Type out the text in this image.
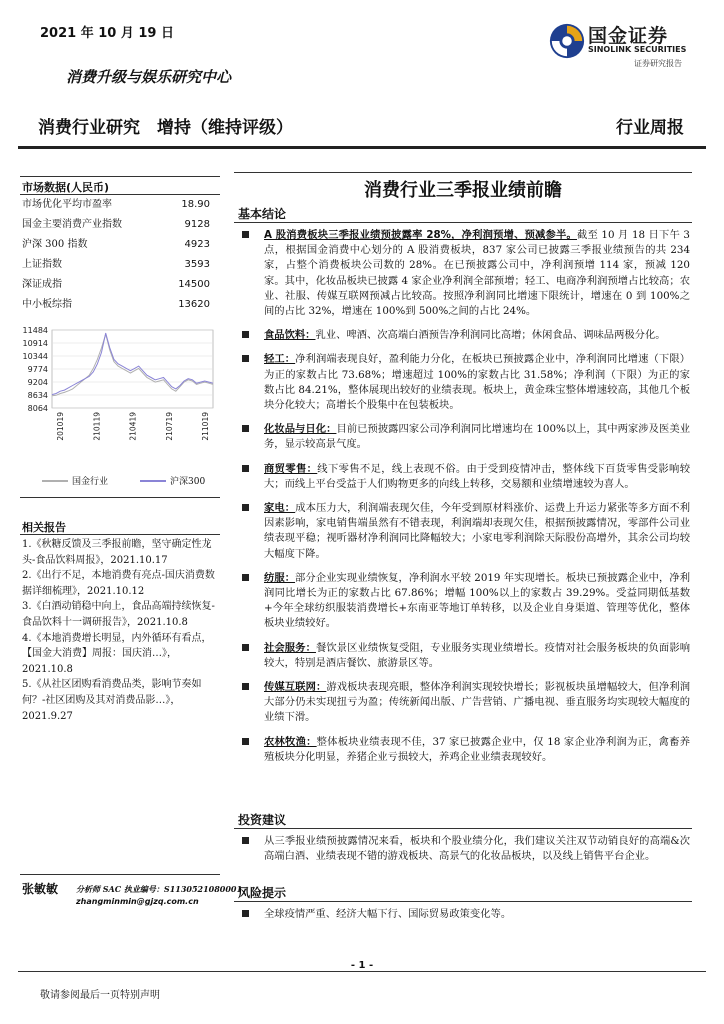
2021 年 10 月 19 日	国金证券
SINOLINK SECURITIES
证券研究报告
消费升级与娱乐研究中心
消费行业研究　增持（维持评级）	行业周报
市场数据(人民币)
市场优化平均市盈率	18.90
国金主要消费产业指数	9128
沪深 300 指数	4923
上证指数	3593
深证成指	14500
中小板综指	13620
8064
8634
9204
9774
10344
10914
11484
201019	210119	210419	210719	211019
国金行业	沪深300
相关报告
1.《秋糖反馈及三季报前瞻，坚守确定性龙头-食品饮料周报》，2021.10.17
2.《出行不足，本地消费有亮点-国庆消费数据详细梳理》，2021.10.12
3.《白酒动销稳中向上，食品高端持续恢复-食品饮料十一调研报告》，2021.10.8
4.《本地消费增长明显，内外循环有看点，【国金大消费】周报：国庆消…》，2021.10.8
5.《从社区团购看消费品类，影响节奏如何？-社区团购及其对消费品影…》，2021.9.27
张敏敏 分析师 SAC 执业编号：S1130521080001
zhangminmin@gjzq.com.cn
消费行业三季报业绩前瞻
基本结论
A 股消费板块三季报业绩预披露率 28%，净利润预增、预减参半。截至 10 月 18 日下午 3 点，根据国金消费中心划分的 A 股消费板块，837 家公司已披露三季报业绩预告的共 234 家，占整个消费板块公司数的 28%。在已预披露公司中，净利润预增 114 家，预减 120 家。其中，化妆品板块已披露 4 家企业净利润全部预增；轻工、电商净利润预增占比较高；农业、社服、传媒互联网预减占比较高。按照净利润同比增速下限统计，增速在 0 到 100%之间的占比 32%，增速在 100%到 500%之间的占比 24%。
食品饮料：乳业、啤酒、次高端白酒预告净利润同比高增；休闲食品、调味品两极分化。
轻工：净利润端表现良好，盈利能力分化，在板块已预披露企业中，净利润同比增速（下限）为正的家数占比 73.68%；增速超过 100%的家数占比 31.58%；净利润（下限）为正的家数占比 84.21%，整体展现出较好的业绩表现。板块上，黄金珠宝整体增速较高，其他几个板块分化较大；高增长个股集中在包装板块。
化妆品与日化：目前已预披露四家公司净利润同比增速均在 100%以上，其中两家涉及医美业务，显示较高景气度。
商贸零售：线下零售不足，线上表现不俗。由于受到疫情冲击，整体线下百货零售受影响较大；而线上平台受益于人们购物更多的向线上转移，交易额和业绩增速较为喜人。
家电：成本压力大，利润端表现欠佳，今年受到原材料涨价、运费上升运力紧张等多方面不利因素影响，家电销售端虽然有不错表现，利润端却表现欠佳，根据预披露情况，零部件公司业绩表现平稳；视听器材净利润同比降幅较大；小家电零利润除天际股份高增外，其余公司均较大幅度下降。
纺服：部分企业实现业绩恢复，净利润水平较 2019 年实现增长。板块已预披露企业中，净利润同比增长为正的家数占比 67.86%；增幅 100%以上的家数占 39.29%。受益同期低基数+今年全球纺织服装消费增长+东南亚等地订单转移，以及企业自身渠道、管理等优化，整体板块业绩较好。
社会服务：餐饮景区业绩恢复受阻，专业服务实现业绩增长。疫情对社会服务板块的负面影响较大，特别是酒店餐饮、旅游景区等。
传媒互联网：游戏板块表现亮眼，整体净利润实现较快增长；影视板块虽增幅较大，但净利润大部分仍未实现扭亏为盈；传统新闻出版、广告营销、广播电视、垂直服务均实现较大幅度的业绩下滑。
农林牧渔：整体板块业绩表现不佳，37 家已披露企业中，仅 18 家企业净利润为正，禽畜养殖板块分化明显，养猪企业亏损较大，养鸡企业业绩表现较好。
投资建议
从三季报业绩预披露情况来看，板块和个股业绩分化，我们建议关注双节动销良好的高端&次高端白酒、业绩表现不错的游戏板块、高景气的化妆品板块，以及线上销售平台企业。
风险提示
全球疫情严重、经济大幅下行、国际贸易政策变化等。
- 1 -
敬请参阅最后一页特别声明
